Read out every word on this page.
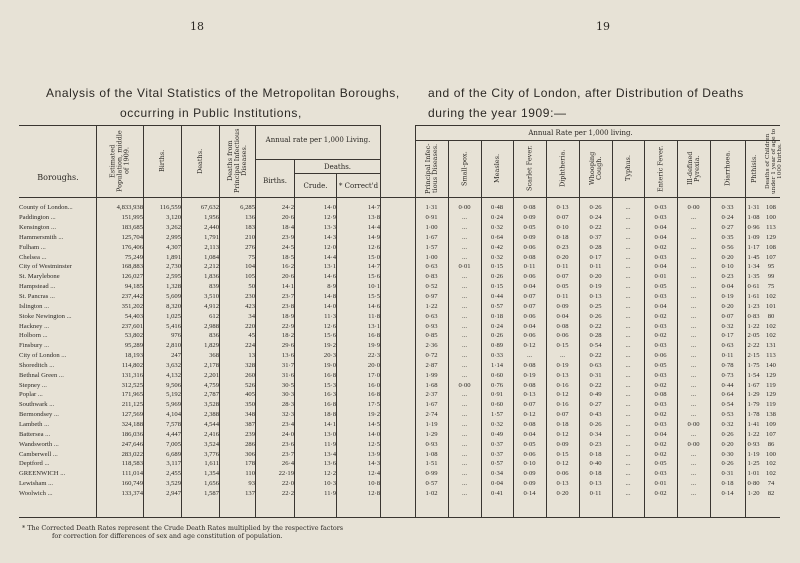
18	19
Analysis of the Vital Statistics of the Metropolitan Boroughs,
occurring in Public Institutions,
and of the City of London, after Distribution of Deaths
during the year 1909:—
Boroughs.	Estimated Population, middle of 1909.	Births.	Deaths.	Deaths from Principal Infectious Diseases.
Annual rate per 1,000 Living.
Births.
Deaths.
Crude.	* Correct'd
Annual Rate per 1,000 living.
Principal Infec- tious Diseases.	Small-pox.	Measles.	Scarlet Fever.	Diphtheria.	Whooping Cough.	Typhus.	Enteric Fever.	Ill-defined Pyrexia.	Diarrhoea.	Phthisis.	Deaths of Children under 1 year of age to 1000 births.
County of London...	4,833,938	116,559	67,632	6,285	24·2	14·0	14·7		1·31	0·00	0·48	0·08	0·13	0·26	...	0·03	0·00	0·33	1·31	108
Paddington ...	151,995	3,120	1,956	136	20·6	12·9	13·8		0·91	...	0·24	0·09	0·07	0·24	...	0·03	...	0·24	1·08	100
Kensington ...	183,685	3,262	2,440	183	18·4	13·3	14·4		1·00	...	0·32	0·05	0·10	0·22	...	0·04	...	0·27	0·96	113
Hammersmith ...	125,704	2,995	1,791	210	23·9	14·3	14·9		1·67	...	0·64	0·09	0·18	0·37	...	0·04	...	0·35	1·09	129
Fulham ...	176,406	4,307	2,113	276	24·5	12·0	12·6		1·57	...	0·42	0·06	0·23	0·28	...	0·02	...	0·56	1·17	108
Chelsea ...	75,249	1,891	1,084	75	18·5	14·4	15·0		1·00	...	0·32	0·08	0·20	0·17	...	0·03	...	0·20	1·45	107
City of Westminster	168,883	2,730	2,212	104	16·2	13·1	14·7		0·63	0·01	0·15	0·11	0·11	0·11	...	0·04	...	0·10	1·34	95
St. Marylebone	126,027	2,595	1,836	105	20·6	14·6	15·6		0·83	...	0·26	0·06	0·07	0·20	...	0·01	...	0·23	1·35	99
Hampstead ...	94,185	1,328	839	50	14·1	8·9	10·1		0·52	...	0·15	0·04	0·05	0·19	...	0·05	...	0·04	0·61	75
St. Pancras ...	237,442	5,609	3,510	230	23·7	14·8	15·5		0·97	...	0·44	0·07	0·11	0·13	...	0·03	...	0·19	1·61	102
Islington ...	351,202	8,320	4,912	423	23·8	14·0	14·6		1·22	...	0·57	0·07	0·09	0·25	...	0·04	...	0·20	1·23	101
Stoke Newington ...	54,403	1,025	612	34	18·9	11·3	11·8		0·63	...	0·18	0·06	0·04	0·26	...	0·02	...	0·07	0·83	80
Hackney ...	237,601	5,416	2,988	220	22·9	12·6	13·1		0·93	...	0·24	0·04	0·08	0·22	...	0·03	...	0·32	1·22	102
Holborn ...	53,802	976	836	45	18·2	15·6	16·8		0·85	...	0·26	0·06	0·06	0·28	...	0·02	...	0·17	2·05	102
Finsbury ...	95,289	2,810	1,829	224	29·6	19·2	19·9		2·36	...	0·89	0·12	0·15	0·54	...	0·03	...	0·63	2·22	131
City of London ...	18,193	247	368	13	13·6	20·3	22·3		0·72	...	0·33	...	...	0·22	...	0·06	...	0·11	2·15	113
Shoreditch ...	114,802	3,632	2,178	328	31·7	19·0	20·0		2·87	...	1·14	0·08	0·19	0·63	...	0·05	...	0·78	1·75	140
Bethnal Green ...	131,316	4,132	2,201	260	31·6	16·8	17·0		1·99	...	0·60	0·19	0·13	0·31	...	0·03	...	0·73	1·54	129
Stepney ...	312,525	9,506	4,759	526	30·5	15·3	16·0		1·68	0·00	0·76	0·08	0·16	0·22	...	0·02	...	0·44	1·67	119
Poplar ...	171,965	5,192	2,787	405	30·3	16·3	16·8		2·37	...	0·91	0·13	0·12	0·49	...	0·08	...	0·64	1·29	129
Southwark ...	211,125	5,969	3,528	350	28·3	16·8	17·5		1·67	...	0·60	0·07	0·16	0·27	...	0·03	...	0·54	1·79	119
Bermondsey ...	127,569	4,104	2,388	348	32·3	18·8	19·2		2·74	...	1·57	0·12	0·07	0·43	...	0·02	...	0·53	1·78	138
Lambeth ...	324,188	7,578	4,544	387	23·4	14·1	14·5		1·19	...	0·32	0·08	0·18	0·26	...	0·03	0·00	0·32	1·41	109
Battersea ...	186,036	4,447	2,416	239	24·0	13·0	14·0		1·29	...	0·49	0·04	0·12	0·34	...	0·04	...	0·26	1·22	107
Wandsworth ...	247,646	7,005	3,524	286	23·6	11·9	12·5		0·93	...	0·37	0·05	0·09	0·23	...	0·02	0·00	0·20	0·93	86
Camberwell ...	283,022	6,689	3,776	306	23·7	13·4	13·9		1·08	...	0·37	0·06	0·15	0·18	...	0·02	...	0·30	1·19	100
Deptford ...	118,583	3,117	1,611	178	26·4	13·6	14·3		1·51	...	0·57	0·10	0·12	0·40	...	0·05	...	0·26	1·25	102
GREENWICH ...	111,014	2,455	1,354	110	22·19	12·2	12·4		0·99	...	0·34	0·09	0·06	0·18	...	0·03	...	0·31	1·01	102
Lewisham ...	160,749	3,529	1,656	93	22·0	10·3	10·8		0·57	...	0·04	0·09	0·13	0·13	...	0·01	...	0·18	0·80	74
Woolwich ...	133,374	2,947	1,587	137	22·2	11·9	12·8		1·02	...	0·41	0·14	0·20	0·11	...	0·02	...	0·14	1·20	82
* The Corrected Death Rates represent the Crude Death Rates multiplied by the respective factors
for correction for differences of sex and age constitution of population.
